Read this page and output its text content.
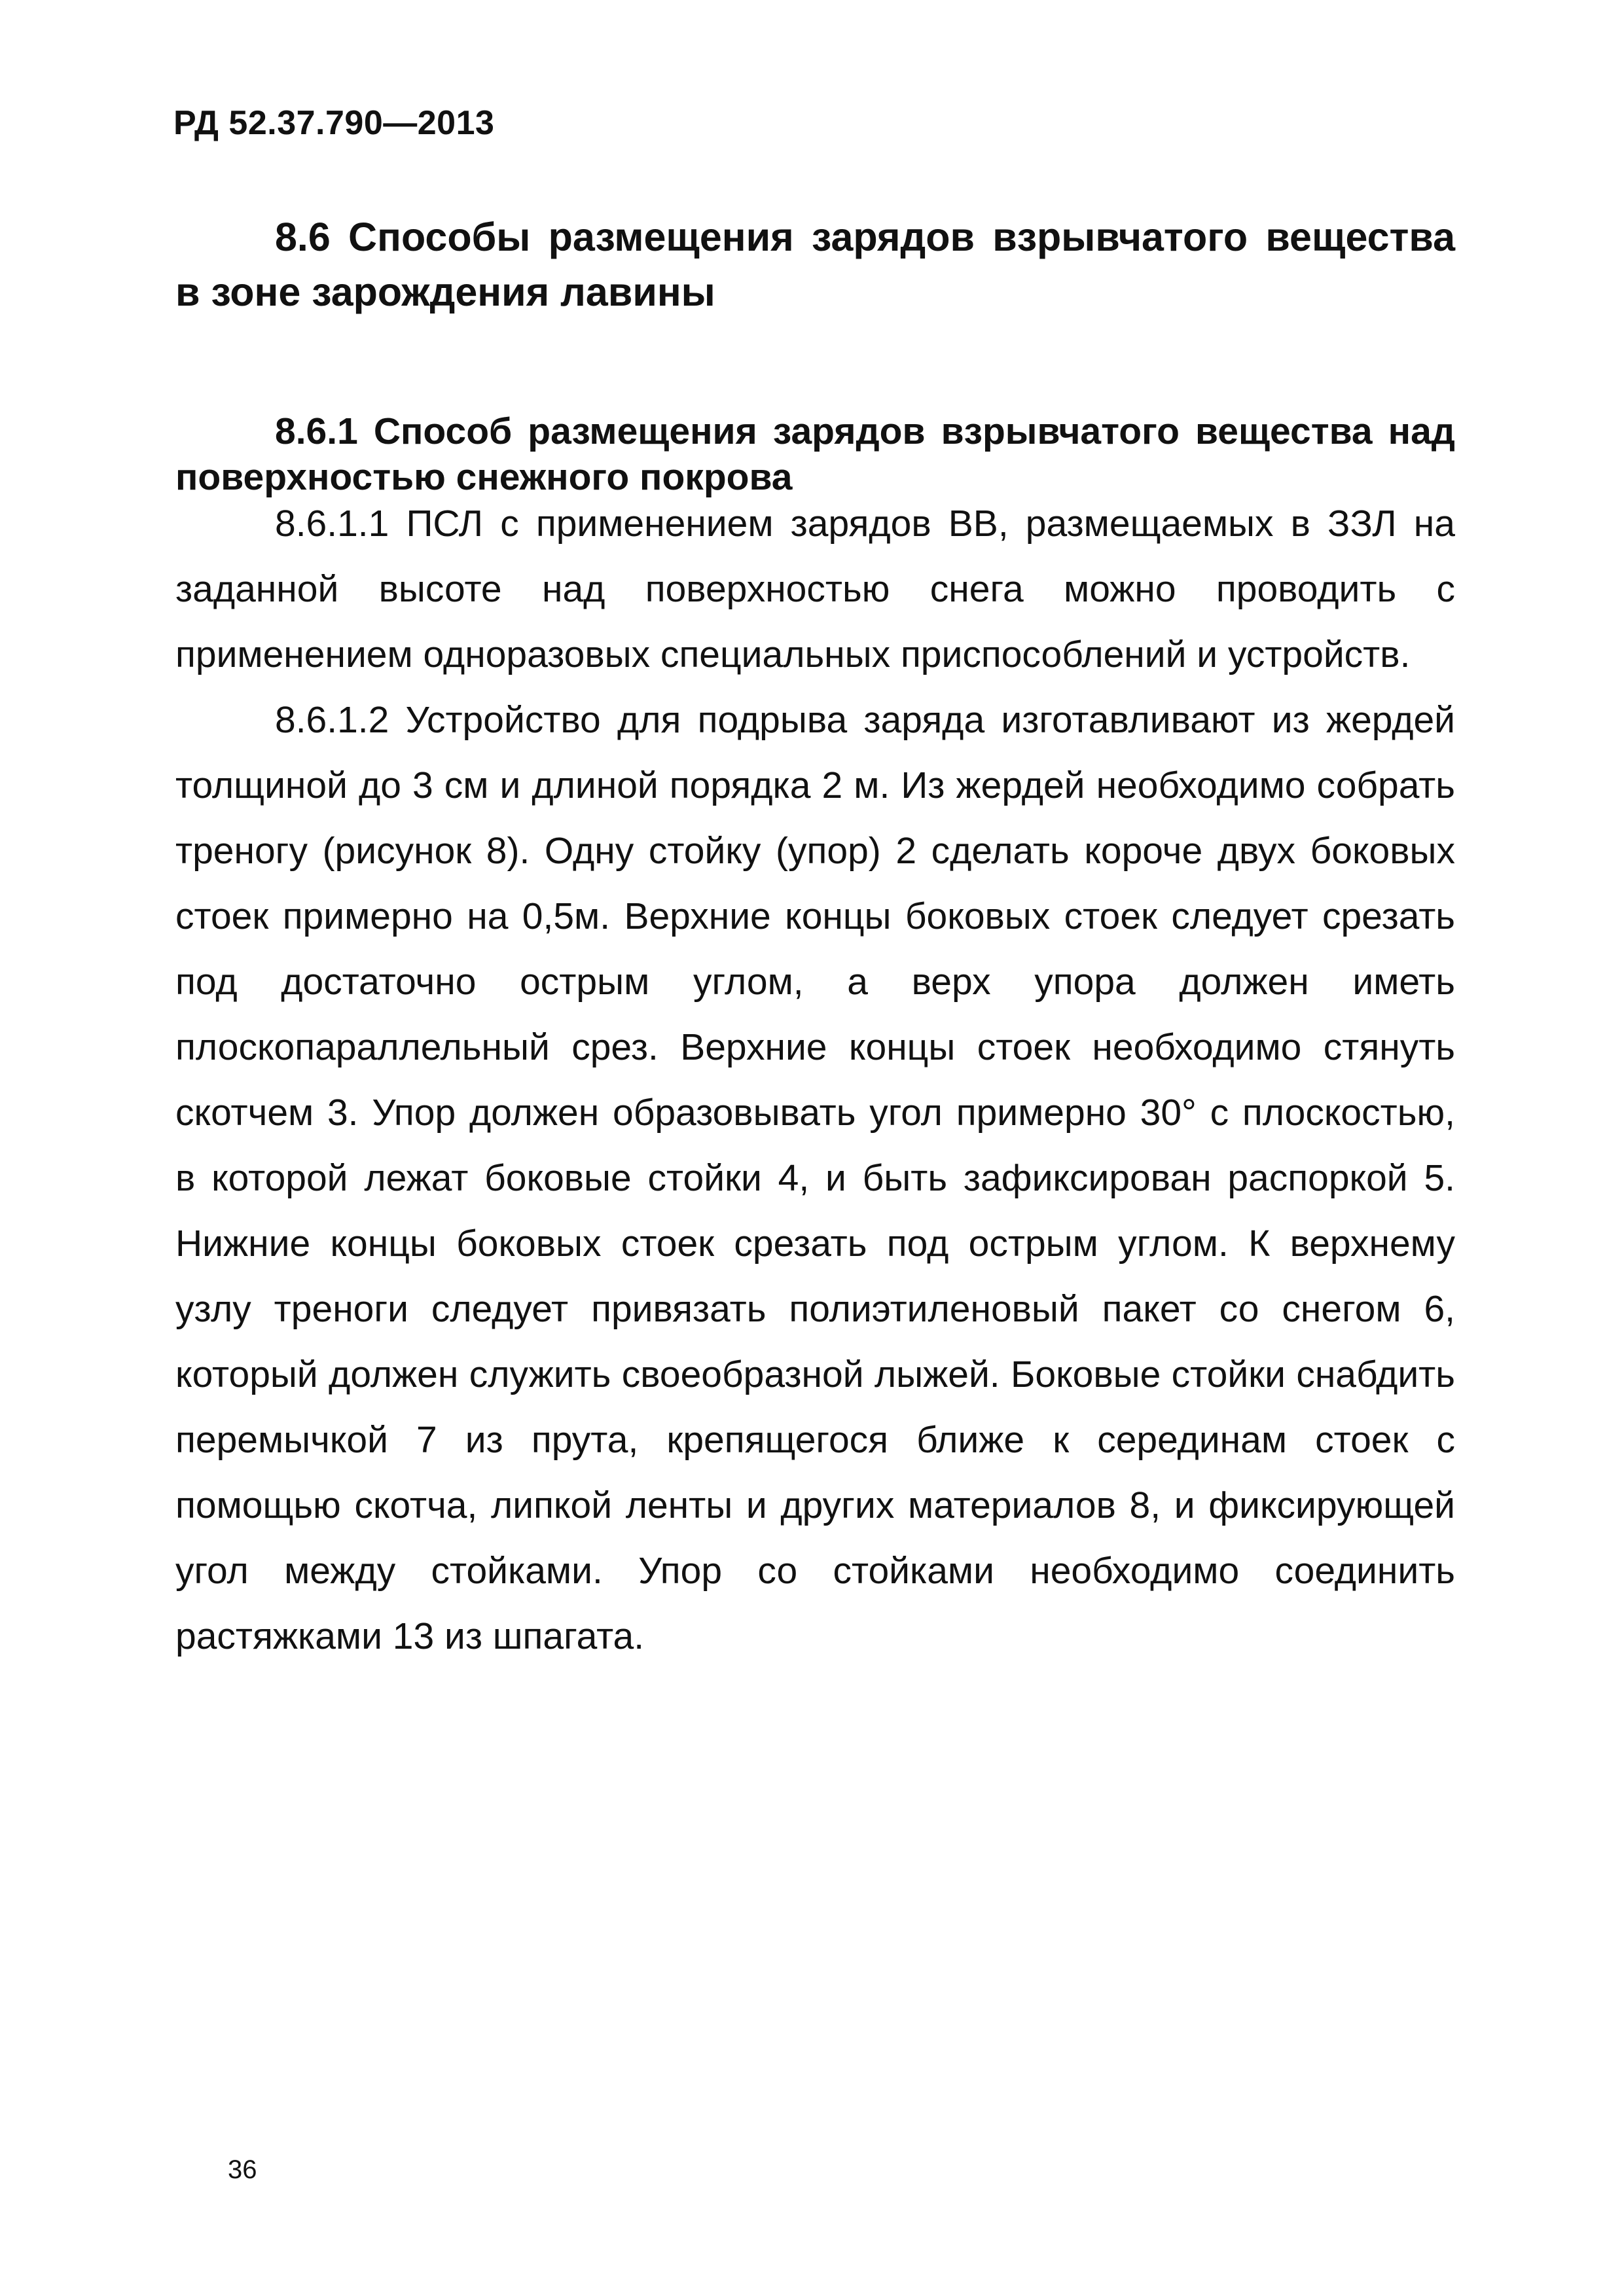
РД 52.37.790—2013

8.6 Способы размещения зарядов взрывчатого вещества в зоне зарождения лавины

8.6.1 Способ размещения зарядов взрывчатого вещества над поверхностью снежного покрова

8.6.1.1 ПСЛ с применением зарядов ВВ, размещаемых в ЗЗЛ на заданной высоте над поверхностью снега можно проводить с применением одноразовых специальных приспособлений и устройств.

8.6.1.2 Устройство для подрыва заряда изготавливают из жердей толщиной до 3 см и длиной порядка 2 м. Из жердей необходимо собрать треногу (рисунок 8). Одну стойку (упор) 2 сделать короче двух боковых стоек примерно на 0,5м. Верхние концы боковых стоек следует срезать под достаточно острым углом, а верх упора должен иметь плоскопараллельный срез. Верхние концы стоек необходимо стянуть скотчем 3. Упор должен образовывать угол примерно 30° с плоскостью, в которой лежат боковые стойки 4, и быть зафиксирован распоркой 5. Нижние концы боковых стоек срезать под острым углом. К верхнему узлу треноги следует привязать полиэтиленовый пакет со снегом 6, который должен служить своеобразной лыжей. Боковые стойки снабдить перемычкой 7 из прута, крепящегося ближе к серединам стоек с помощью скотча, липкой ленты и других материалов 8, и фиксирующей угол между стойками. Упор со стойками необходимо соединить растяжками 13 из шпагата.

36
